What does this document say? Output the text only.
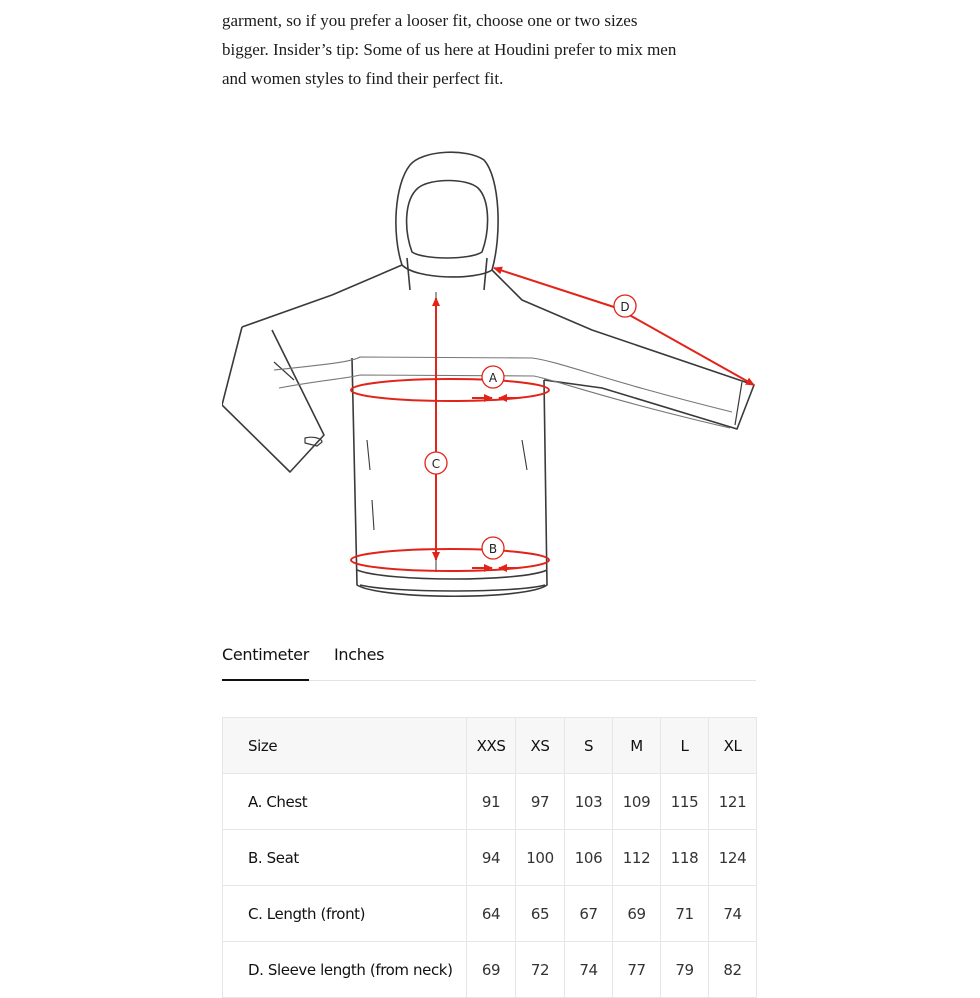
garment, so if you prefer a looser fit, choose one or two sizes
bigger. Insider’s tip: Some of us here at Houdini prefer to mix men
and women styles to find their perfect fit.

A
B
C
D
Centimeter Inches
Size	XXS	XS	S	M	L	XL
A. Chest	91	97	103	109	115	121
B. Seat	94	100	106	112	118	124
C. Length (front)	64	65	67	69	71	74
D. Sleeve length (from neck)	69	72	74	77	79	82
